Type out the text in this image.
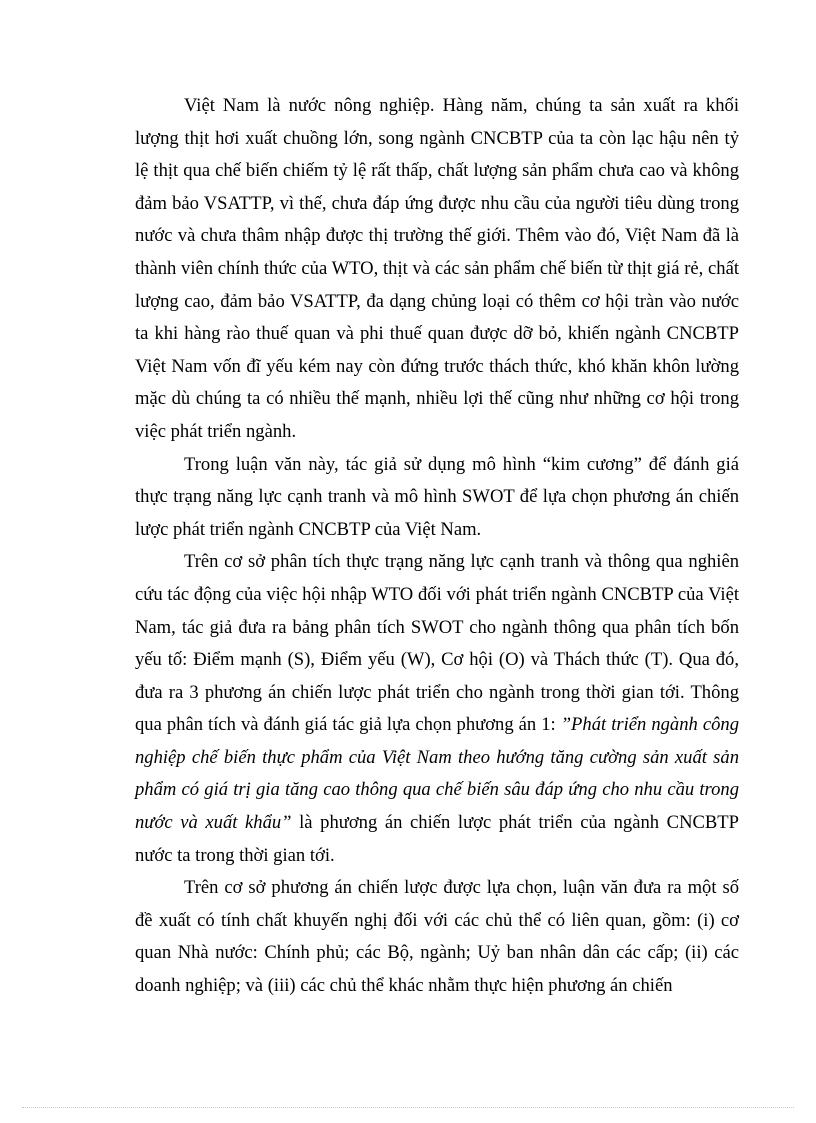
Việt Nam là nước nông nghiệp. Hàng năm, chúng ta sản xuất ra khối lượng thịt hơi xuất chuồng lớn, song ngành CNCBTP của ta còn lạc hậu nên tỷ lệ thịt qua chế biến chiếm tỷ lệ rất thấp, chất lượng sản phẩm chưa cao và không đảm bảo VSATTP, vì thế, chưa đáp ứng được nhu cầu của người tiêu dùng trong nước và chưa thâm nhập được thị trường thế giới. Thêm vào đó, Việt Nam đã là thành viên chính thức của WTO, thịt và các sản phẩm chế biến từ thịt giá rẻ, chất lượng cao, đảm bảo VSATTP, đa dạng chủng loại có thêm cơ hội tràn vào nước ta khi hàng rào thuế quan và phi thuế quan được dỡ bỏ, khiến ngành CNCBTP Việt Nam vốn đĩ yếu kém nay còn đứng trước thách thức, khó khăn khôn lường mặc dù chúng ta có nhiều thế mạnh, nhiều lợi thế cũng như những cơ hội trong việc phát triển ngành.

Trong luận văn này, tác giả sử dụng mô hình “kim cương” để đánh giá thực trạng năng lực cạnh tranh và mô hình SWOT để lựa chọn phương án chiến lược phát triển ngành CNCBTP của Việt Nam.

Trên cơ sở phân tích thực trạng năng lực cạnh tranh và thông qua nghiên cứu tác động của việc hội nhập WTO đối với phát triển ngành CNCBTP của Việt Nam, tác giả đưa ra bảng phân tích SWOT cho ngành thông qua phân tích bốn yếu tố: Điểm mạnh (S), Điểm yếu (W), Cơ hội (O) và Thách thức (T). Qua đó, đưa ra 3 phương án chiến lược phát triển cho ngành trong thời gian tới. Thông qua phân tích và đánh giá tác giả lựa chọn phương án 1: ”Phát triển ngành công nghiệp chế biến thực phẩm của Việt Nam theo hướng tăng cường sản xuất sản phẩm có giá trị gia tăng cao thông qua chế biến sâu đáp ứng cho nhu cầu trong nước và xuất khẩu” là phương án chiến lược phát triển của ngành CNCBTP nước ta trong thời gian tới.

Trên cơ sở phương án chiến lược được lựa chọn, luận văn đưa ra một số đề xuất có tính chất khuyến nghị đối với các chủ thể có liên quan, gồm: (i) cơ quan Nhà nước: Chính phủ; các Bộ, ngành; Uỷ ban nhân dân các cấp; (ii) các doanh nghiệp; và (iii) các chủ thể khác nhằm thực hiện phương án chiến
